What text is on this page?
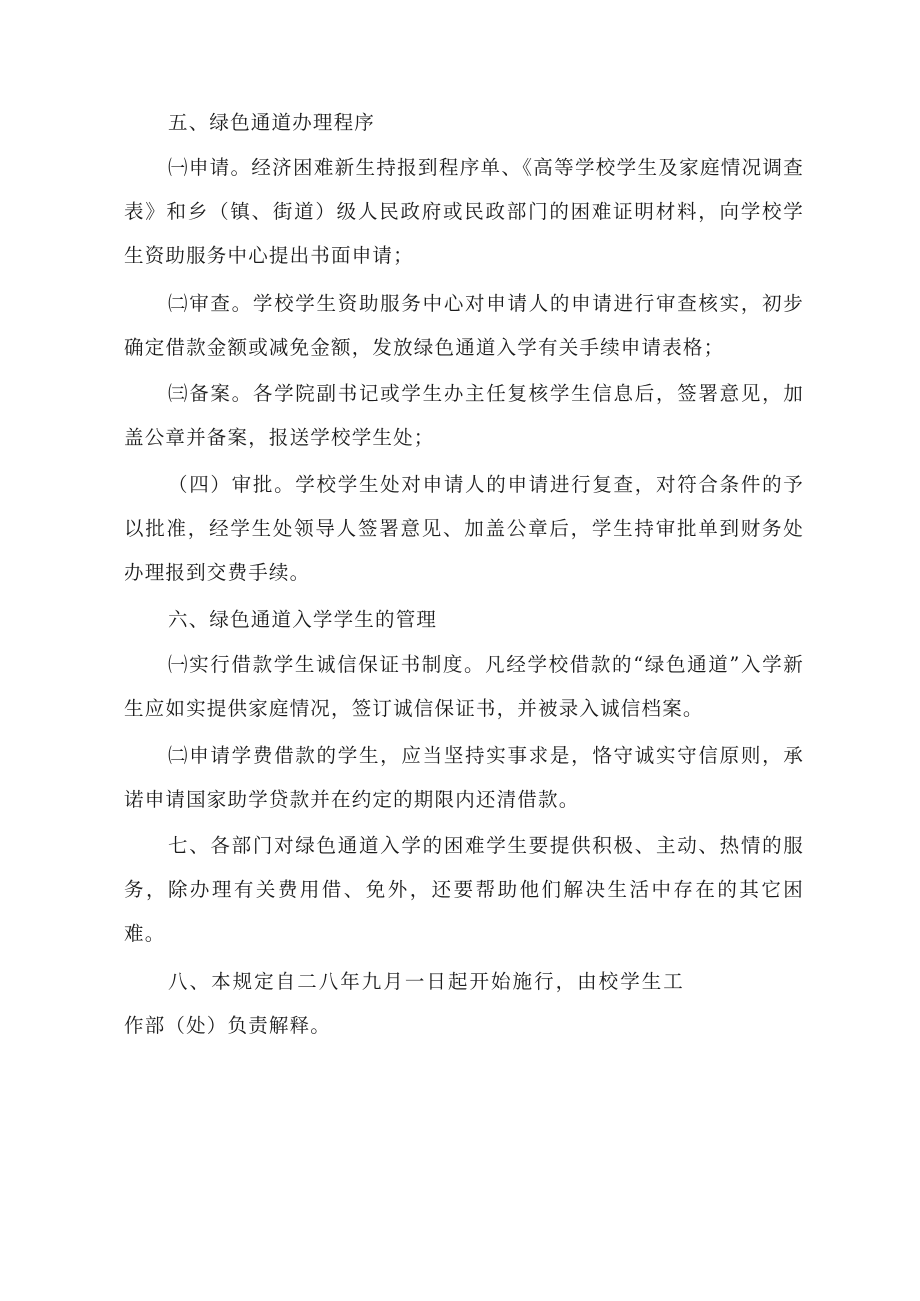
五、绿色通道办理程序

㈠申请。经济困难新生持报到程序单、《高等学校学生及家庭情况调查表》和乡（镇、街道）级人民政府或民政部门的困难证明材料，向学校学生资助服务中心提出书面申请；

㈡审查。学校学生资助服务中心对申请人的申请进行审查核实，初步确定借款金额或减免金额，发放绿色通道入学有关手续申请表格；

㈢备案。各学院副书记或学生办主任复核学生信息后，签署意见，加盖公章并备案，报送学校学生处；

（四）审批。学校学生处对申请人的申请进行复查，对符合条件的予以批准，经学生处领导人签署意见、加盖公章后，学生持审批单到财务处办理报到交费手续。

六、绿色通道入学学生的管理

㈠实行借款学生诚信保证书制度。凡经学校借款的“绿色通道”入学新生应如实提供家庭情况，签订诚信保证书，并被录入诚信档案。

㈡申请学费借款的学生，应当坚持实事求是，恪守诚实守信原则，承诺申请国家助学贷款并在约定的期限内还清借款。

七、各部门对绿色通道入学的困难学生要提供积极、主动、热情的服务，除办理有关费用借、免外，还要帮助他们解决生活中存在的其它困难。

八、本规定自二八年九月一日起开始施行，由校学生工作部（处）负责解释。
